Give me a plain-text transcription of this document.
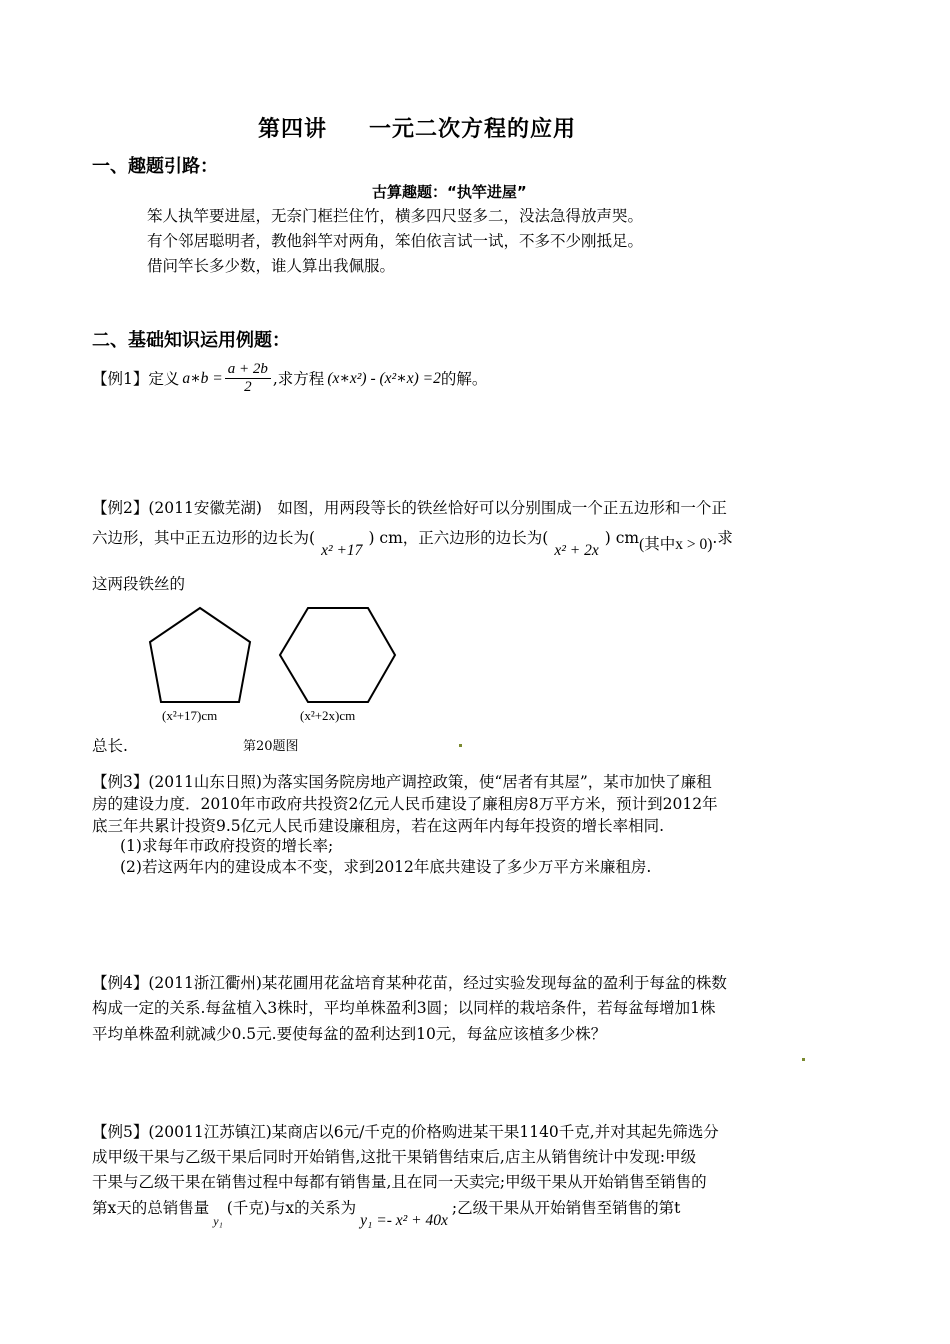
第四讲 一元二次方程的应用
一、趣题引路：
古算趣题：“执竿进屋”
笨人执竿要进屋，无奈门框拦住竹，横多四尺竖多二，没法急得放声哭。
有个邻居聪明者，教他斜竿对两角，笨伯依言试一试，不多不少刚抵足。
借问竿长多少数，谁人算出我佩服。
二、基础知识运用例题：
【例1】定义 a∗b = $\frac{a + 2b}{2}$ ,求方程 (x∗x²) - (x²∗x) =2 的解。
【例2】(2011安徽芜湖)　如图，用两段等长的铁丝恰好可以分别围成一个正五边形和一个正
六边形，其中正五边形的边长为(x² +17) cm，正六边形的边长为(x² + 2x) cm(其中x > 0).求
这两段铁丝的
(x²+17)cm	(x²+2x)cm
第20题图
总长.
【例3】(2011山东日照)为落实国务院房地产调控政策，使“居者有其屋”，某市加快了廉租
房的建设力度．2010年市政府共投资2亿元人民币建设了廉租房8万平方米，预计到2012年
底三年共累计投资9.5亿元人民币建设廉租房，若在这两年内每年投资的增长率相同.
(1)求每年市政府投资的增长率;
(2)若这两年内的建设成本不变，求到2012年底共建设了多少万平方米廉租房.
【例4】(2011浙江衢州)某花圃用花盆培育某种花苗，经过实验发现每盆的盈利于每盆的株数
构成一定的关系.每盆植入3株时，平均单株盈利3圆；以同样的栽培条件，若每盆每增加1株
平均单株盈利就减少0.5元.要使每盆的盈利达到10元，每盆应该植多少株？
【例5】(20011江苏镇江)某商店以6元/千克的价格购进某干果1140千克,并对其起先筛选分
成甲级干果与乙级干果后同时开始销售,这批干果销售结束后,店主从销售统计中发现:甲级
干果与乙级干果在销售过程中每都有销售量,且在同一天卖完;甲级干果从开始销售至销售的
第x天的总销售量$_{y_1}$(千克)与x的关系为y₁ =- x² + 40x;乙级干果从开始销售至销售的第t
